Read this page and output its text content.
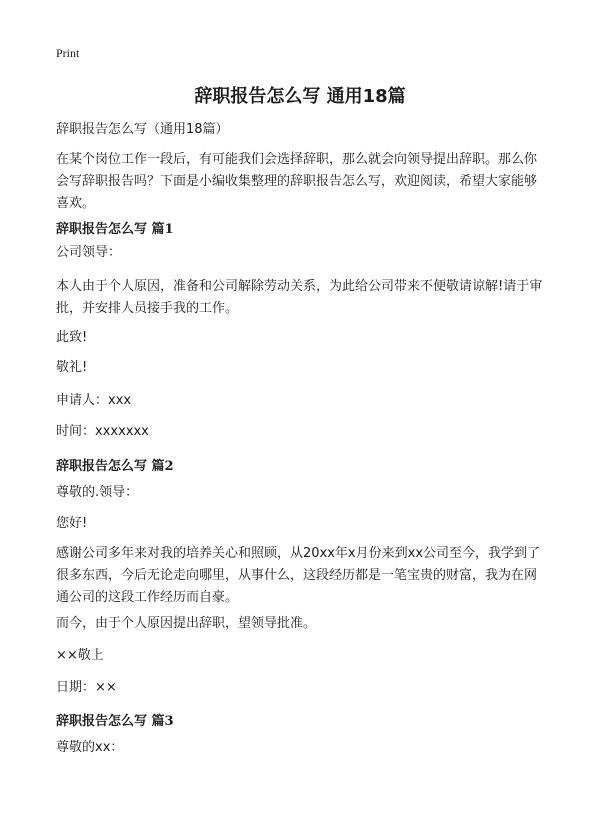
Print
辞职报告怎么写 通用18篇
辞职报告怎么写（通用18篇）
在某个岗位工作一段后，有可能我们会选择辞职，那么就会向领导提出辞职。那么你会写辞职报告吗？下面是小编收集整理的辞职报告怎么写，欢迎阅读，希望大家能够喜欢。
辞职报告怎么写 篇1
公司领导：
本人由于个人原因，准备和公司解除劳动关系，为此给公司带来不便敬请谅解!请于审批，并安排人员接手我的工作。
此致!
敬礼!
申请人：xxx
时间：xxxxxxx
辞职报告怎么写 篇2
尊敬的.领导：
您好!
感谢公司多年来对我的培养关心和照顾，从20xx年x月份来到xx公司至今，我学到了很多东西，今后无论走向哪里，从事什么，这段经历都是一笔宝贵的财富，我为在网通公司的这段工作经历而自豪。
而今，由于个人原因提出辞职，望领导批准。
××敬上
日期：××
辞职报告怎么写 篇3
尊敬的xx：
